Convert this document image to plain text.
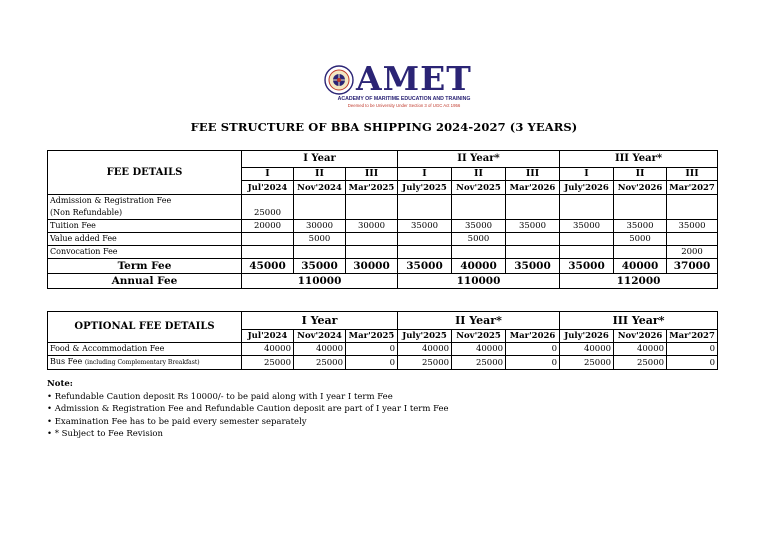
AMET
ACADEMY OF MARITIME EDUCATION AND TRAINING
Deemed to be University Under Section 3 of UGC Act 1956
FEE STRUCTURE OF BBA SHIPPING 2024-2027 (3 YEARS)
FEE DETAILS	I Year			II Year*			III Year*		
	I	II	III	I	II	III	I	II	III
	Jul'2024	Nov'2024	Mar'2025	July'2025	Nov'2025	Mar'2026	July'2026	Nov'2026	Mar'2027

Admission & Registration Fee
(Non Refundable)	25000								
Tuition Fee	20000	30000	30000	35000	35000	35000	35000	35000	35000
Value added Fee		5000			5000			5000	
Convocation Fee									2000
Term Fee	45000	35000	30000	35000	40000	35000	35000	40000	37000
Annual Fee	110000			110000			112000		
OPTIONAL FEE DETAILS	I Year			II Year*			III Year*		
	Jul'2024	Nov'2024	Mar'2025	July'2025	Nov'2025	Mar'2026	July'2026	Nov'2026	Mar'2027
Food & Accommodation Fee	40000	40000	0	40000	40000	0	40000	40000	0
Bus Fee (including Complementary Breakfast)	25000	25000	0	25000	25000	0	25000	25000	0
Note:
• Refundable Caution deposit Rs 10000/- to be paid along with I year I term Fee
• Admission & Registration Fee and Refundable Caution deposit are part of I year I term Fee
• Examination Fee has to be paid every semester separately
• * Subject to Fee Revision
